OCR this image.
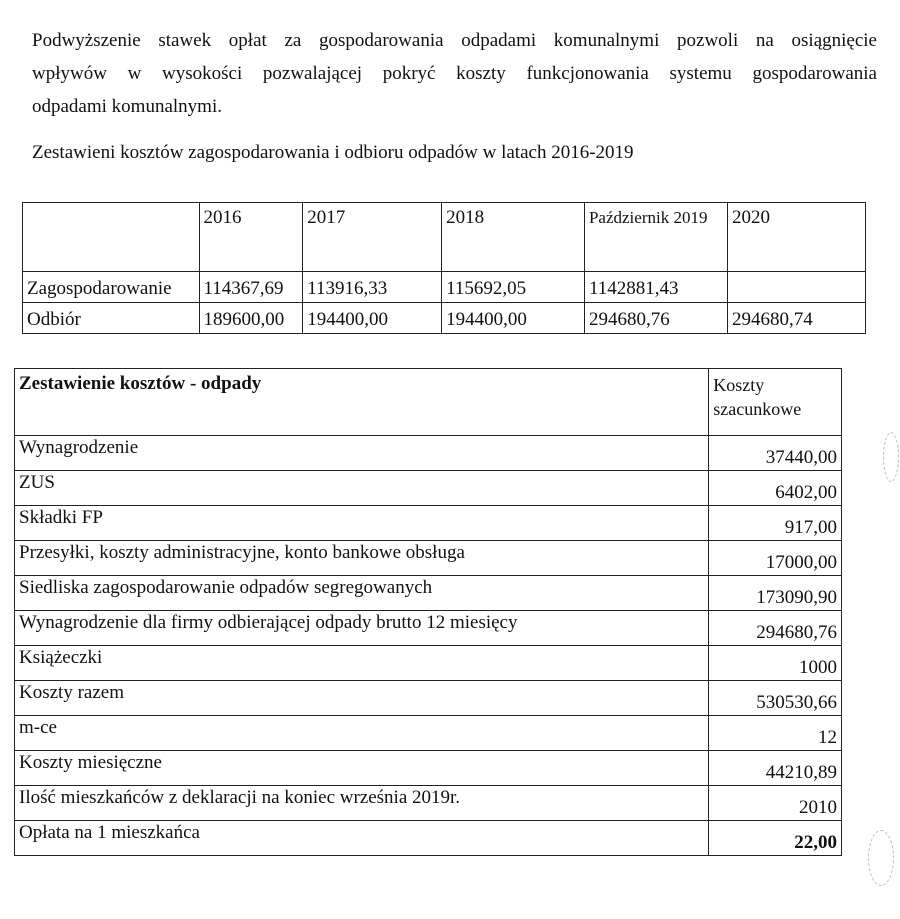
Podwyższenie stawek opłat za gospodarowania odpadami komunalnymi pozwoli na osiągnięcie
wpływów w wysokości pozwalającej pokryć koszty funkcjonowania systemu gospodarowania
odpadami komunalnymi.
Zestawieni kosztów zagospodarowania i odbioru odpadów w latach 2016-2019
	2016	2017	2018	Październik 2019	2020
Zagospodarowanie	114367,69	113916,33	115692,05	1142881,43	
Odbiór	189600,00	194400,00	194400,00	294680,76	294680,74
Zestawienie kosztów - odpady	Koszty szacunkowe
Wynagrodzenie	37440,00
ZUS	6402,00
Składki FP	917,00
Przesyłki, koszty administracyjne, konto bankowe obsługa	17000,00
Siedliska zagospodarowanie odpadów segregowanych	173090,90
Wynagrodzenie dla firmy odbierającej odpady brutto 12 miesięcy	294680,76
Książeczki	1000
Koszty razem	530530,66
m-ce	12
Koszty miesięczne	44210,89
Ilość mieszkańców z deklaracji na koniec września 2019r.	2010
Opłata na 1 mieszkańca	22,00
